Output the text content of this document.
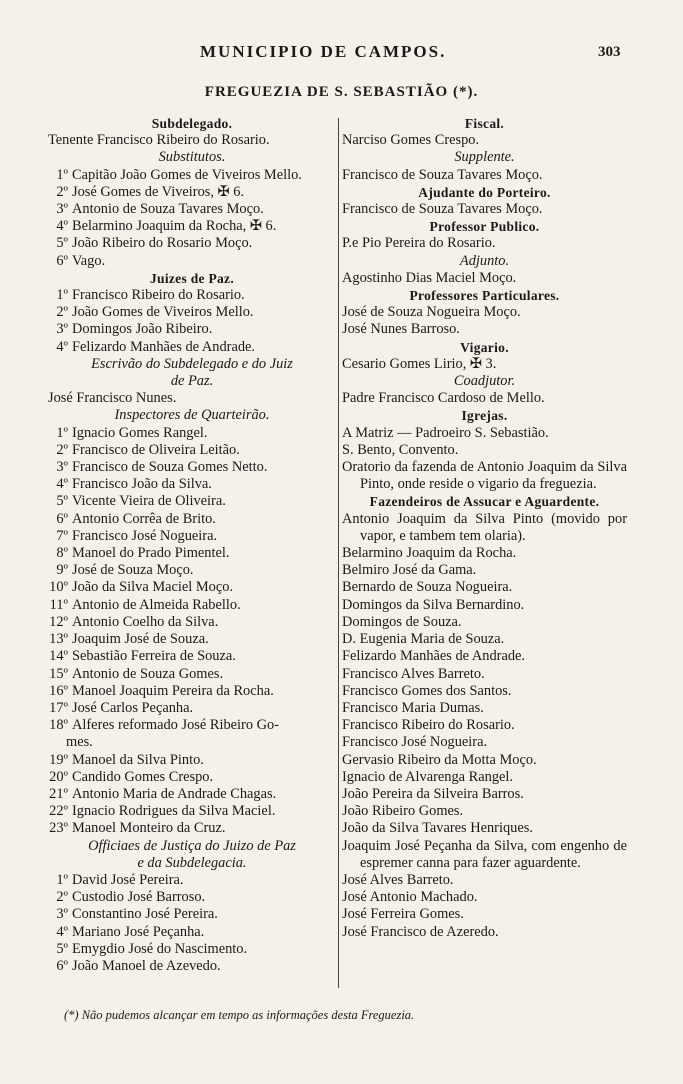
MUNICIPIO DE CAMPOS.	303
FREGUEZIA DE S. SEBASTIÃO (*).
Subdelegado.
Tenente Francisco Ribeiro do Rosario.
Substitutos.
1º Capitão João Gomes de Viveiros Mello.
2º José Gomes de Viveiros, ✠ 6.
3º Antonio de Souza Tavares Moço.
4º Belarmino Joaquim da Rocha, ✠ 6.
5º João Ribeiro do Rosario Moço.
6º Vago.
Juizes de Paz.
1º Francisco Ribeiro do Rosario.
2º João Gomes de Viveiros Mello.
3º Domingos João Ribeiro.
4º Felizardo Manhães de Andrade.
Escrivão do Subdelegado e do Juiz
de Paz.
José Francisco Nunes.
Inspectores de Quarteirão.
1º Ignacio Gomes Rangel.
2º Francisco de Oliveira Leitão.
3º Francisco de Souza Gomes Netto.
4º Francisco João da Silva.
5º Vicente Vieira de Oliveira.
6º Antonio Corrêa de Brito.
7º Francisco José Nogueira.
8º Manoel do Prado Pimentel.
9º José de Souza Moço.
10º João da Silva Maciel Moço.
11º Antonio de Almeida Rabello.
12º Antonio Coelho da Silva.
13º Joaquim José de Souza.
14º Sebastião Ferreira de Souza.
15º Antonio de Souza Gomes.
16º Manoel Joaquim Pereira da Rocha.
17º José Carlos Peçanha.
18º Alferes reformado José Ribeiro Go-
mes.
19º Manoel da Silva Pinto.
20º Candido Gomes Crespo.
21º Antonio Maria de Andrade Chagas.
22º Ignacio Rodrigues da Silva Maciel.
23º Manoel Monteiro da Cruz.
Officiaes de Justiça do Juizo de Paz
e da Subdelegacia.
1º David José Pereira.
2º Custodio José Barroso.
3º Constantino José Pereira.
4º Mariano José Peçanha.
5º Emygdio José do Nascimento.
6º João Manoel de Azevedo.
Fiscal.
Narciso Gomes Crespo.
Supplente.
Francisco de Souza Tavares Moço.
Ajudante do Porteiro.
Francisco de Souza Tavares Moço.
Professor Publico.
P.e Pio Pereira do Rosario.
Adjunto.
Agostinho Dias Maciel Moço.
Professores Particulares.
José de Souza Nogueira Moço.
José Nunes Barroso.
Vigario.
Cesario Gomes Lirio, ✠ 3.
Coadjutor.
Padre Francisco Cardoso de Mello.
Igrejas.
A Matriz — Padroeiro S. Sebastião.
S. Bento, Convento.
Oratorio da fazenda de Antonio Joaquim da Silva Pinto, onde reside o vigario da freguezia.
Fazendeiros de Assucar e Aguardente.
Antonio Joaquim da Silva Pinto (movido por vapor, e tambem tem olaria).
Belarmino Joaquim da Rocha.
Belmiro José da Gama.
Bernardo de Souza Nogueira.
Domingos da Silva Bernardino.
Domingos de Souza.
D. Eugenia Maria de Souza.
Felizardo Manhães de Andrade.
Francisco Alves Barreto.
Francisco Gomes dos Santos.
Francisco Maria Dumas.
Francisco Ribeiro do Rosario.
Francisco José Nogueira.
Gervasio Ribeiro da Motta Moço.
Ignacio de Alvarenga Rangel.
João Pereira da Silveira Barros.
João Ribeiro Gomes.
João da Silva Tavares Henriques.
Joaquim José Peçanha da Silva, com engenho de espremer canna para fazer aguardente.
José Alves Barreto.
José Antonio Machado.
José Ferreira Gomes.
José Francisco de Azeredo.
(*) Não pudemos alcançar em tempo as informações desta Freguezia.
